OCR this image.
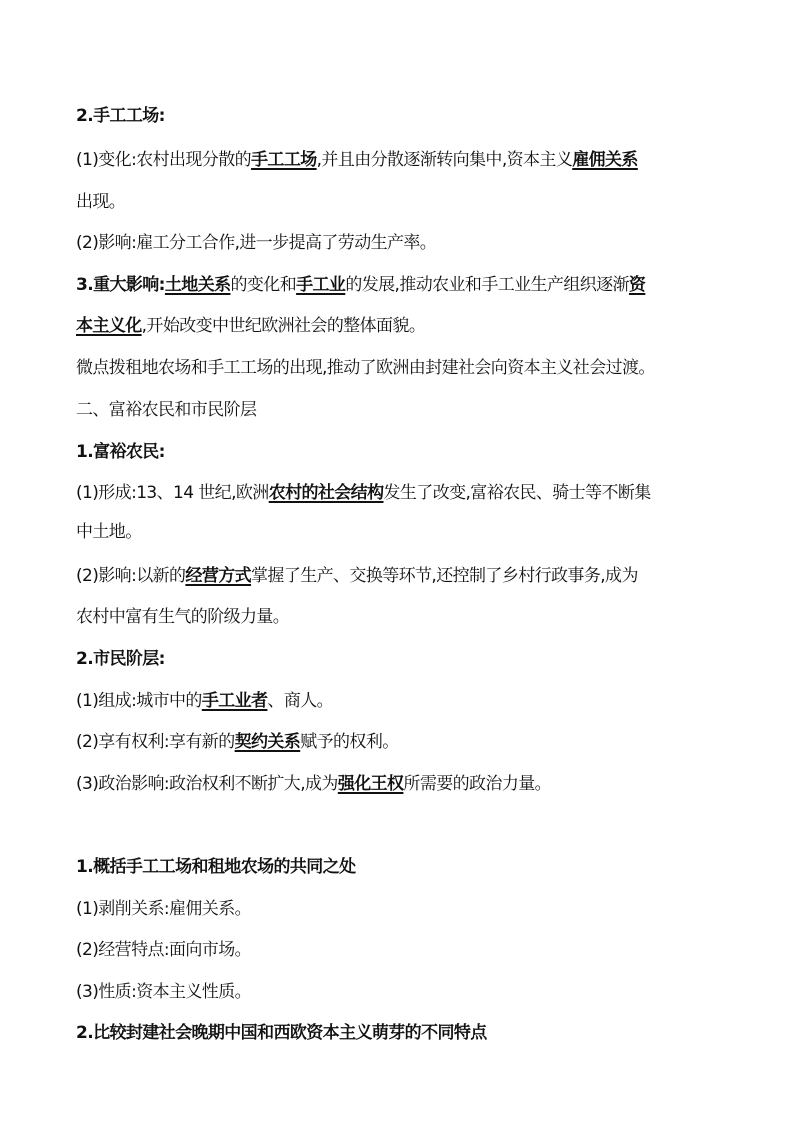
2.手工工场:
(1)变化:农村出现分散的手工工场,并且由分散逐渐转向集中,资本主义雇佣关系
出现。
(2)影响:雇工分工合作,进一步提高了劳动生产率。
3.重大影响:土地关系的变化和手工业的发展,推动农业和手工业生产组织逐渐资
本主义化,开始改变中世纪欧洲社会的整体面貌。
微点拨租地农场和手工工场的出现,推动了欧洲由封建社会向资本主义社会过渡。
二、富裕农民和市民阶层
1.富裕农民:
(1)形成:13、14 世纪,欧洲农村的社会结构发生了改变,富裕农民、骑士等不断集
中土地。
(2)影响:以新的经营方式掌握了生产、交换等环节,还控制了乡村行政事务,成为
农村中富有生气的阶级力量。
2.市民阶层:
(1)组成:城市中的手工业者、商人。
(2)享有权利:享有新的契约关系赋予的权利。
(3)政治影响:政治权利不断扩大,成为强化王权所需要的政治力量。
1.概括手工工场和租地农场的共同之处
(1)剥削关系:雇佣关系。
(2)经营特点:面向市场。
(3)性质:资本主义性质。
2.比较封建社会晚期中国和西欧资本主义萌芽的不同特点
